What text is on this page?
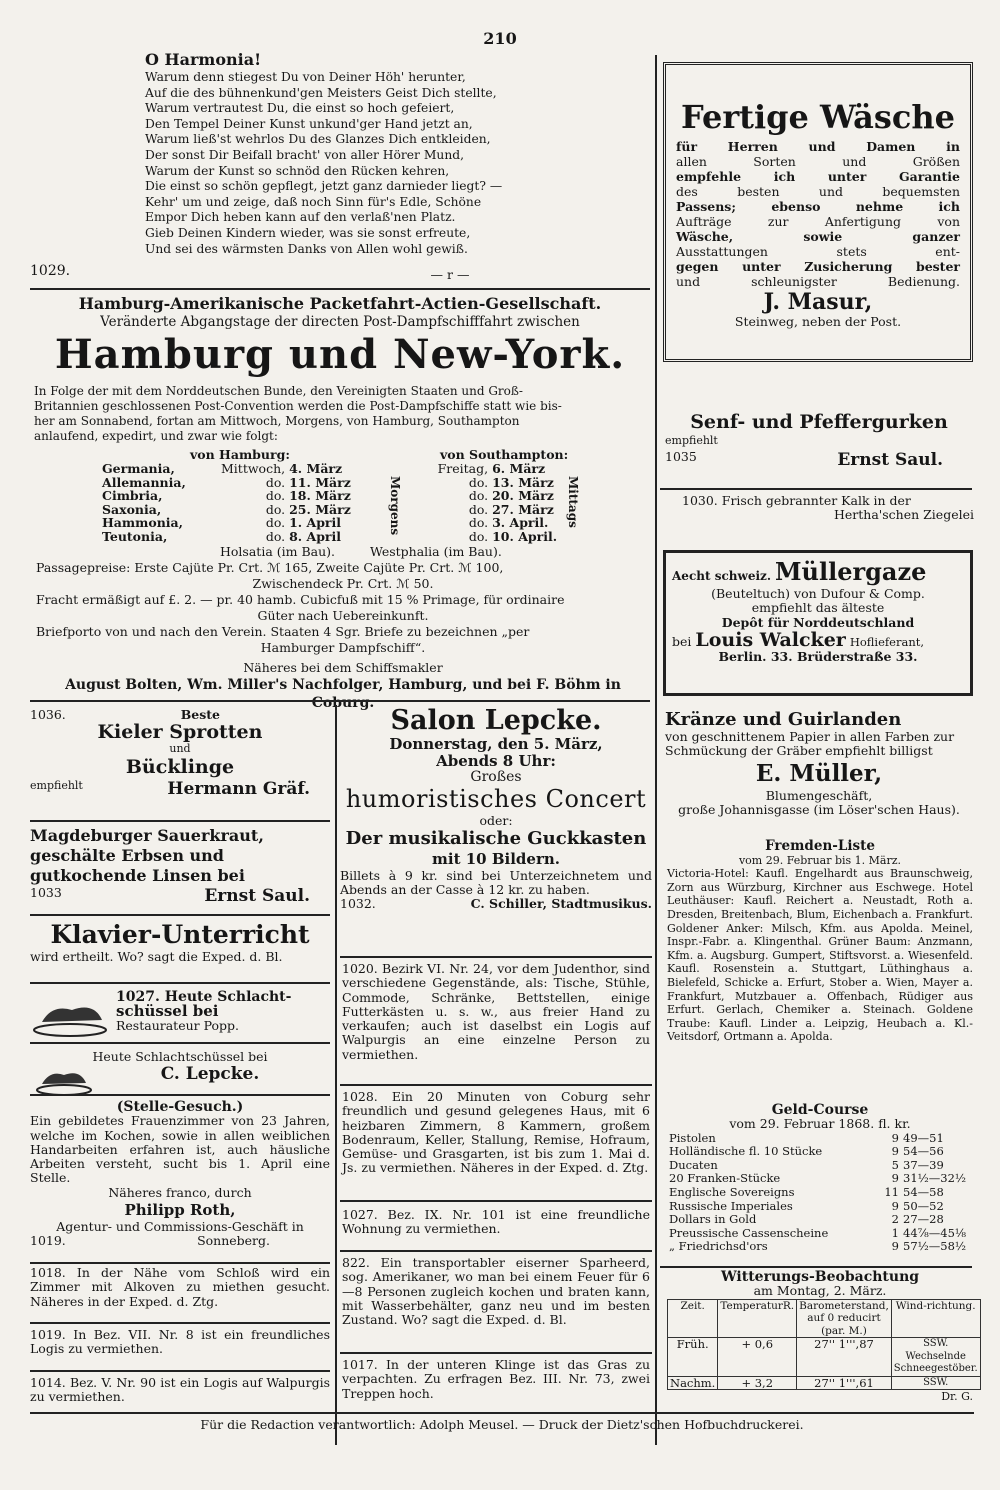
210
O Harmonia!
Warum denn stiegest Du von Deiner Höh' herunter,
Auf die des bühnenkund'gen Meisters Geist Dich stellte,
Warum vertrautest Du, die einst so hoch gefeiert,
Den Tempel Deiner Kunst unkund'ger Hand jetzt an,
Warum ließ'st wehrlos Du des Glanzes Dich entkleiden,
Der sonst Dir Beifall bracht' von aller Hörer Mund,
Warum der Kunst so schnöd den Rücken kehren,
Die einst so schön gepflegt, jetzt ganz darnieder liegt? —
Kehr' um und zeige, daß noch Sinn für's Edle, Schöne
Empor Dich heben kann auf den verlaß'nen Platz.
Gieb Deinen Kindern wieder, was sie sonst erfreute,
Und sei des wärmsten Danks von Allen wohl gewiß.
1029.	— r —
Hamburg-Amerikanische Packetfahrt-Actien-Gesellschaft.
Veränderte Abgangstage der directen Post-Dampfschifffahrt zwischen
Hamburg und New-York.
In Folge der mit dem Norddeutschen Bunde, den Vereinigten Staaten und Groß-
Britannien geschlossenen Post-Convention werden die Post-Dampfschiffe statt wie bis-
her am Sonnabend, fortan am Mittwoch, Morgens, von Hamburg, Southampton
anlaufend, expedirt, und zwar wie folgt:
von Hamburg:	von Southampton:
Germania,	Mittwoch,	4. März	Freitag,	6. März
Allemannia,	do.	11. März	do.	13. März
Cimbria,	do.	18. März	do.	20. März
Saxonia,	do.	25. März	do.	27. März
Hammonia,	do.	1. April	do.	3. April.
Teutonia,	do.	8. April	do.	10. April.
Morgens	Mittags
Holsatia (im Bau).	Westphalia (im Bau).
Passagepreise: Erste Cajüte Pr. Crt. ℳ 165, Zweite Cajüte Pr. Crt. ℳ 100,
Zwischendeck Pr. Crt. ℳ 50.
Fracht ermäßigt auf £. 2. — pr. 40 hamb. Cubicfuß mit 15 % Primage, für ordinaire
Güter nach Uebereinkunft.
Briefporto von und nach den Verein. Staaten 4 Sgr. Briefe zu bezeichnen „per
Hamburger Dampfschiff“.
Näheres bei dem Schiffsmakler
August Bolten, Wm. Miller's Nachfolger, Hamburg, und bei F. Böhm in Coburg.
Fertige Wäsche
für Herren und Damen in
allen Sorten und Größen
empfehle ich unter Garantie
des besten und bequemsten
Passens; ebenso nehme ich
Aufträge zur Anfertigung von
Wäsche, sowie ganzer
Ausstattungen stets ent-
gegen unter Zusicherung bester
und schleunigster Bedienung.
J. Masur,
Steinweg, neben der Post.
Senf- und Pfeffergurken
empfiehlt
1035	Ernst Saul.
1030. Frisch gebrannter Kalk in der
Hertha'schen Ziegelei
Aecht schweiz. Müllergaze
(Beuteltuch) von Dufour & Comp.
empfiehlt das älteste
Depôt für Norddeutschland
bei Louis Walcker Hoflieferant,
Berlin. 33. Brüderstraße 33.
Kränze und Guirlanden
von geschnittenem Papier in allen Farben zur
Schmückung der Gräber empfiehlt billigst
E. Müller,
Blumengeschäft,
große Johannisgasse (im Löser'schen Haus).
Fremden-Liste
vom 29. Februar bis 1. März.
Victoria-Hotel: Kaufl. Engelhardt aus Braunschweig, Zorn aus Würzburg, Kirchner aus Eschwege. Hotel Leuthäuser: Kaufl. Reichert a. Neustadt, Roth a. Dresden, Breitenbach, Blum, Eichenbach a. Frankfurt. Goldener Anker: Milsch, Kfm. aus Apolda. Meinel, Inspr.-Fabr. a. Klingenthal. Grüner Baum: Anzmann, Kfm. a. Augsburg. Gumpert, Stiftsvorst. a. Wiesenfeld. Kaufl. Rosenstein a. Stuttgart, Lüthinghaus a. Bielefeld, Schicke a. Erfurt, Stober a. Wien, Mayer a. Frankfurt, Mutzbauer a. Offenbach, Rüdiger aus Erfurt. Gerlach, Chemiker a. Steinach. Goldene Traube: Kaufl. Linder a. Leipzig, Heubach a. Kl.-Veitsdorf, Ortmann a. Apolda.
Geld-Course
vom 29. Februar 1868. fl. kr.
Pistolen	9	49—51
Holländische fl. 10 Stücke	9	54—56
Ducaten	5	37—39
20 Franken-Stücke	9	31½—32½
Englische Sovereigns	11	54—58
Russische Imperiales	9	50—52
Dollars in Gold	2	27—28
Preussische Cassenscheine	1	44⅞—45⅛
„ Friedrichsd'ors	9	57½—58½
Witterungs-Beobachtung
am Montag, 2. März.
Zeit.	TemperaturR.	Barometerstand, auf 0 reducirt (par. M.)	Wind-richtung.
Früh.	+ 0,6	27'' 1''',87	SSW. Wechselnde Schneegestöber.
Nachm.	+ 3,2	27'' 1''',61	SSW.
Dr. G.
1036.	Beste
Kieler Sprotten
und
Bücklinge
empfiehlt	Hermann Gräf.
Magdeburger Sauerkraut,
geschälte Erbsen und
gutkochende Linsen bei
1033	Ernst Saul.
Klavier-Unterricht
wird ertheilt. Wo? sagt die Exped. d. Bl.
1027. Heute Schlacht-
schüssel bei
Restaurateur Popp.
Heute Schlachtschüssel bei
C. Lepcke.
(Stelle-Gesuch.)
Ein gebildetes Frauenzimmer von 23 Jahren, welche im Kochen, sowie in allen weiblichen Handarbeiten erfahren ist, auch häusliche Arbeiten versteht, sucht bis 1. April eine Stelle.
Näheres franco, durch
Philipp Roth,
Agentur- und Commissions-Geschäft in
1019.	Sonneberg.
1018. In der Nähe vom Schloß wird ein Zimmer mit Alkoven zu miethen gesucht. Näheres in der Exped. d. Ztg.
1019. In Bez. VII. Nr. 8 ist ein freundliches Logis zu vermiethen.
1014. Bez. V. Nr. 90 ist ein Logis auf Walpurgis zu vermiethen.
Salon Lepcke.
Donnerstag, den 5. März,
Abends 8 Uhr:
Großes
humoristisches Concert
oder:
Der musikalische Guckkasten
mit 10 Bildern.
Billets à 9 kr. sind bei Unterzeichnetem und Abends an der Casse à 12 kr. zu haben.
1032.	C. Schiller, Stadtmusikus.
1020. Bezirk VI. Nr. 24, vor dem Judenthor, sind verschiedene Gegenstände, als: Tische, Stühle, Commode, Schränke, Bettstellen, einige Futterkästen u. s. w., aus freier Hand zu verkaufen; auch ist daselbst ein Logis auf Walpurgis an eine einzelne Person zu vermiethen.
1028. Ein 20 Minuten von Coburg sehr freundlich und gesund gelegenes Haus, mit 6 heizbaren Zimmern, 8 Kammern, großem Bodenraum, Keller, Stallung, Remise, Hofraum, Gemüse- und Grasgarten, ist bis zum 1. Mai d. Js. zu vermiethen. Näheres in der Exped. d. Ztg.
1027. Bez. IX. Nr. 101 ist eine freundliche Wohnung zu vermiethen.
822. Ein transportabler eiserner Sparheerd, sog. Amerikaner, wo man bei einem Feuer für 6—8 Personen zugleich kochen und braten kann, mit Wasserbehälter, ganz neu und im besten Zustand. Wo? sagt die Exped. d. Bl.
1017. In der unteren Klinge ist das Gras zu verpachten. Zu erfragen Bez. III. Nr. 73, zwei Treppen hoch.
Für die Redaction verantwortlich: Adolph Meusel. — Druck der Dietz'schen Hofbuchdruckerei.
